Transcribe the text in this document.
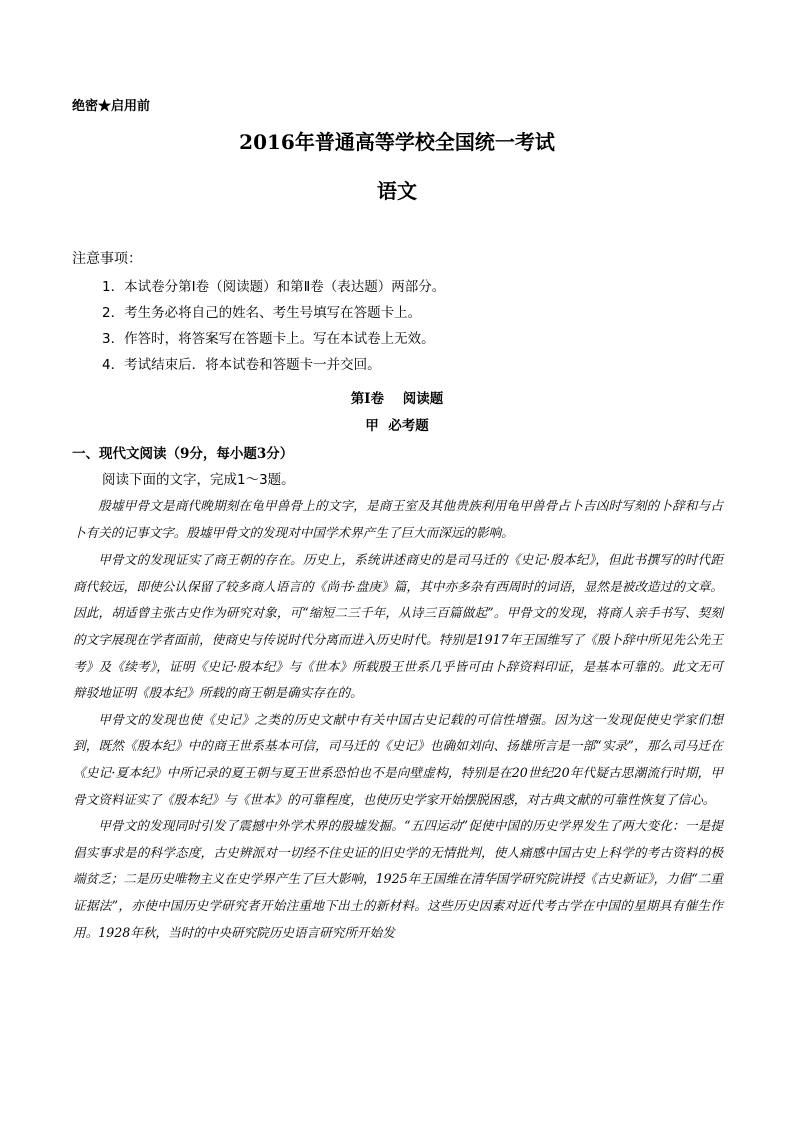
绝密★启用前
2016年普通高等学校全国统一考试
语文
注意事项：
1．本试卷分第Ⅰ卷（阅读题）和第Ⅱ卷（表达题）两部分。
2．考生务必将自己的姓名、考生号填写在答题卡上。
3．作答时，将答案写在答题卡上。写在本试卷上无效。
4．考试结束后．将本试卷和答题卡一并交回。
第Ⅰ卷    阅读题
甲  必考题
一、现代文阅读（9分，每小题3分）
阅读下面的文字，完成1～3题。

殷墟甲骨文是商代晚期刻在龟甲兽骨上的文字，是商王室及其他贵族利用龟甲兽骨占卜吉凶时写刻的卜辞和与占卜有关的记事文字。殷墟甲骨文的发现对中国学术界产生了巨大而深远的影响。

甲骨文的发现证实了商王朝的存在。历史上，系统讲述商史的是司马迁的《史记·殷本纪》，但此书撰写的时代距商代较远，即使公认保留了较多商人语言的《尚书·盘庚》篇，其中亦多杂有西周时的词语，显然是被改造过的文章。因此，胡适曾主张古史作为研究对象，可“缩短二三千年，从诗三百篇做起”。甲骨文的发现，将商人亲手书写、契刻的文字展现在学者面前，使商史与传说时代分离而进入历史时代。特别是1917年王国维写了《殷卜辞中所见先公先王考》及《续考》，证明《史记·殷本纪》与《世本》所载殷王世系几乎皆可由卜辞资料印证，是基本可靠的。此文无可辩驳地证明《殷本纪》所载的商王朝是确实存在的。

甲骨文的发现也使《史记》之类的历史文献中有关中国古史记载的可信性增强。因为这一发现促使史学家们想到，既然《殷本纪》中的商王世系基本可信，司马迁的《史记》也确如刘向、扬雄所言是一部“实录”，那么司马迁在《史记·夏本纪》中所记录的夏王朝与夏王世系恐怕也不是向壁虚构，特别是在20世纪20年代疑古思潮流行时期，甲骨文资料证实了《殷本纪》与《世本》的可靠程度，也使历史学家开始摆脱困惑，对古典文献的可靠性恢复了信心。

甲骨文的发现同时引发了震撼中外学术界的殷墟发掘。“五四运动”促使中国的历史学界发生了两大变化：一是提倡实事求是的科学态度，古史辨派对一切经不住史证的旧史学的无情批判，使人痛感中国古史上科学的考古资料的极端贫乏；二是历史唯物主义在史学界产生了巨大影响，1925年王国维在清华国学研究院讲授《古史新证》，力倡“二重证据法”，亦使中国历史学研究者开始注重地下出土的新材料。这些历史因素对近代考古学在中国的星期具有催生作用。1928年秋，当时的中央研究院历史语言研究所开始发
